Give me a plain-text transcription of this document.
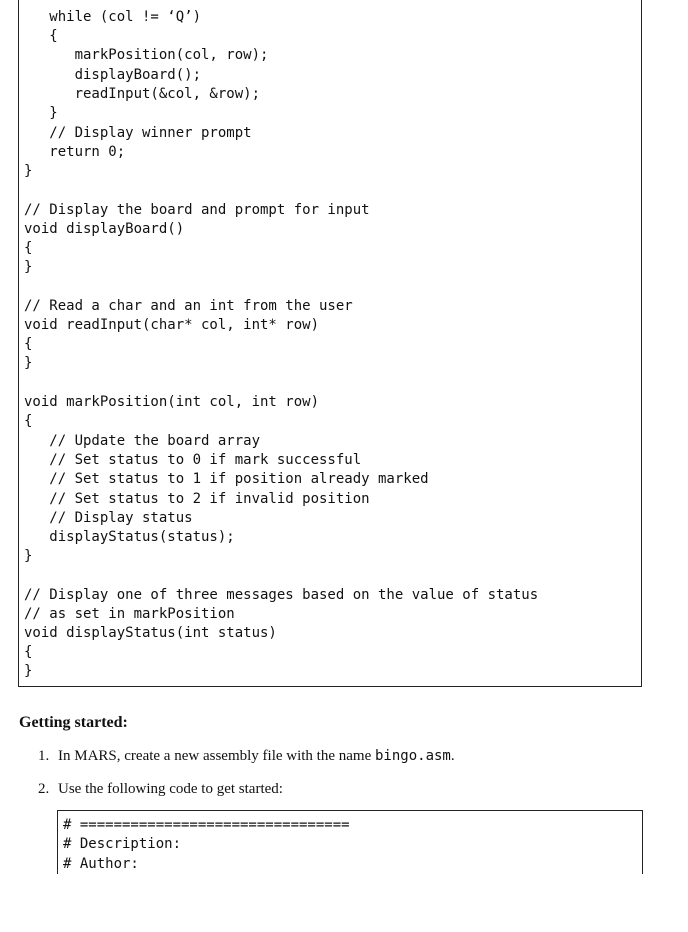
while (col != ‘Q’)
{
markPosition(col, row);
displayBoard();
readInput(&col, &row);
}
// Display winner prompt
return 0;
}
// Display the board and prompt for input
void displayBoard()
{
}
// Read a char and an int from the user
void readInput(char* col, int* row)
{
}
void markPosition(int col, int row)
{
// Update the board array
// Set status to 0 if mark successful
// Set status to 1 if position already marked
// Set status to 2 if invalid position
// Display status
displayStatus(status);
}
// Display one of three messages based on the value of status
// as set in markPosition
void displayStatus(int status)
{
}
Getting started:
1. In MARS, create a new assembly file with the name bingo.asm.
2. Use the following code to get started:
# ================================
# Description:
# Author:
